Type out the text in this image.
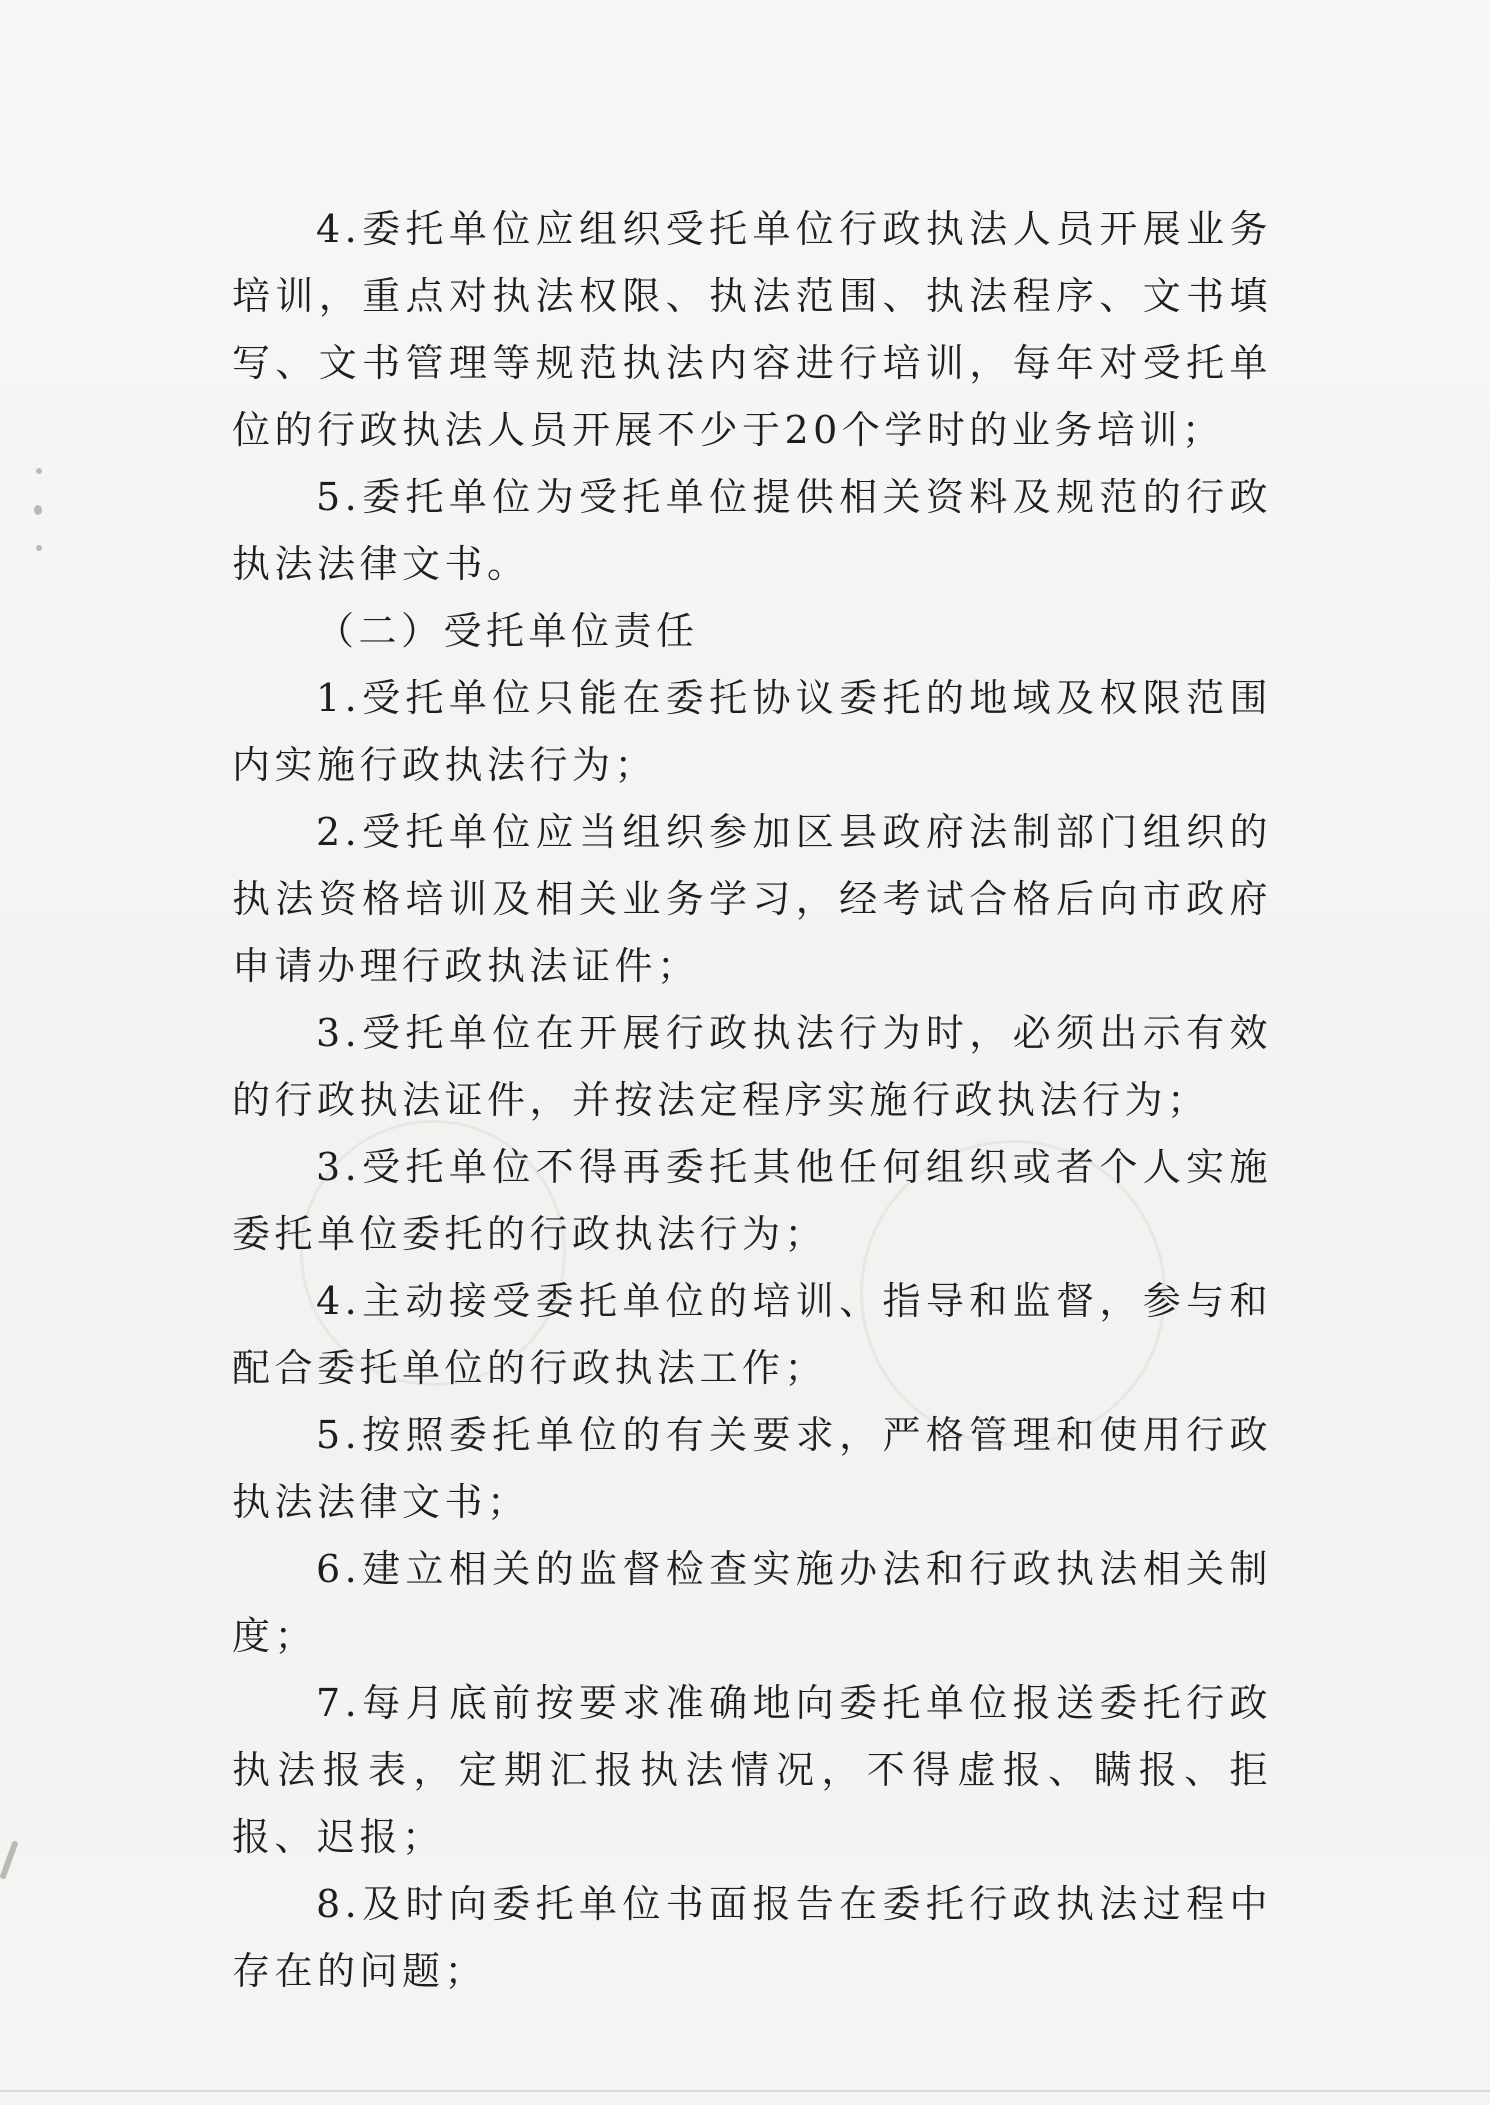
4.委托单位应组织受托单位行政执法人员开展业务培训，重点对执法权限、执法范围、执法程序、文书填写、文书管理等规范执法内容进行培训，每年对受托单位的行政执法人员开展不少于20个学时的业务培训；

5.委托单位为受托单位提供相关资料及规范的行政执法法律文书。

（二）受托单位责任

1.受托单位只能在委托协议委托的地域及权限范围内实施行政执法行为；

2.受托单位应当组织参加区县政府法制部门组织的执法资格培训及相关业务学习，经考试合格后向市政府申请办理行政执法证件；

3.受托单位在开展行政执法行为时，必须出示有效的行政执法证件，并按法定程序实施行政执法行为；

3.受托单位不得再委托其他任何组织或者个人实施委托单位委托的行政执法行为；

4.主动接受委托单位的培训、指导和监督，参与和配合委托单位的行政执法工作；

5.按照委托单位的有关要求，严格管理和使用行政执法法律文书；

6.建立相关的监督检查实施办法和行政执法相关制度；

7.每月底前按要求准确地向委托单位报送委托行政执法报表，定期汇报执法情况，不得虚报、瞒报、拒报、迟报；

8.及时向委托单位书面报告在委托行政执法过程中存在的问题；
